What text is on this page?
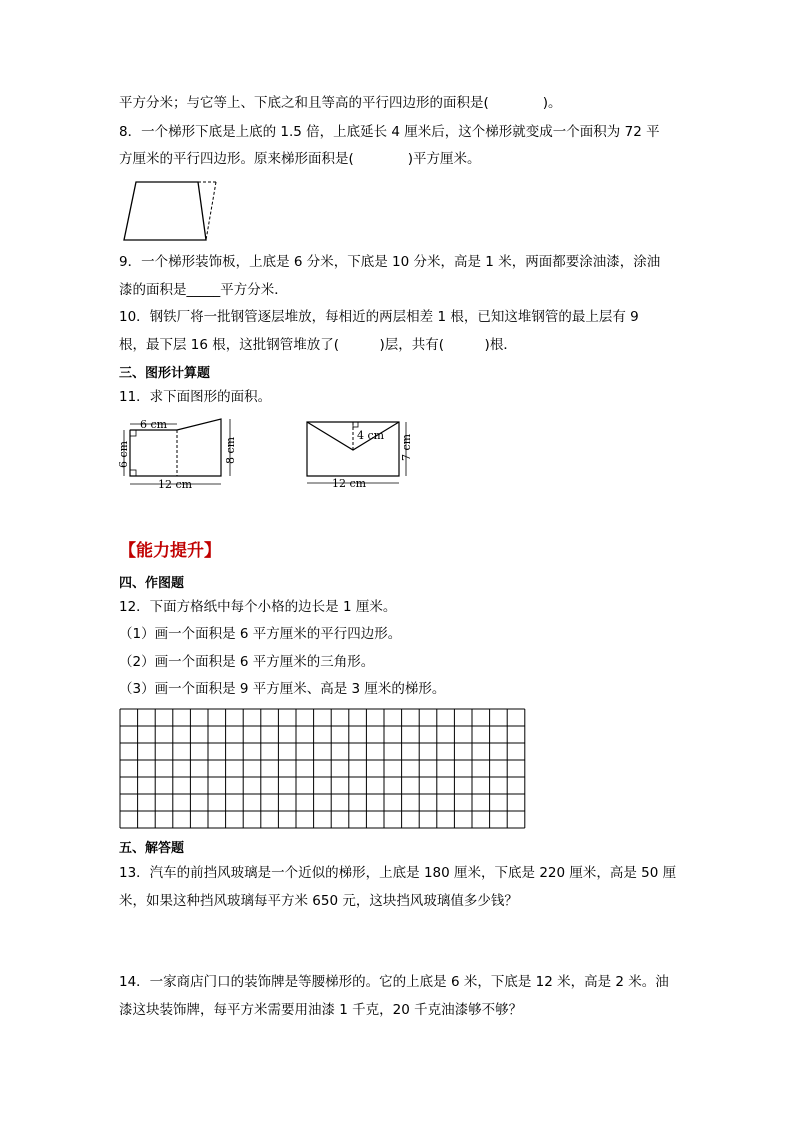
平方分米；与它等上、下底之和且等高的平行四边形的面积是(　　　　)。
8．一个梯形下底是上底的 1.5 倍，上底延长 4 厘米后，这个梯形就变成一个面积为 72 平
方厘米的平行四边形。原来梯形面积是(　　　　)平方厘米。
9．一个梯形装饰板，上底是 6 分米，下底是 10 分米，高是 1 米，两面都要涂油漆，涂油
漆的面积是_____平方分米．
10．钢铁厂将一批钢管逐层堆放，每相近的两层相差 1 根，已知这堆钢管的最上层有 9
根，最下层 16 根，这批钢管堆放了(　　　)层，共有(　　　)根．
三、图形计算题
11．求下面图形的面积。
6 cm
6 cm	8 cm
12 cm
4 cm 7 cm
12 cm
【能力提升】
四、作图题
12．下面方格纸中每个小格的边长是 1 厘米。
（1）画一个面积是 6 平方厘米的平行四边形。
（2）画一个面积是 6 平方厘米的三角形。
（3）画一个面积是 9 平方厘米、高是 3 厘米的梯形。
五、解答题
13．汽车的前挡风玻璃是一个近似的梯形，上底是 180 厘米，下底是 220 厘米，高是 50 厘
米，如果这种挡风玻璃每平方米 650 元，这块挡风玻璃值多少钱？
14．一家商店门口的装饰牌是等腰梯形的。它的上底是 6 米，下底是 12 米，高是 2 米。油
漆这块装饰牌，每平方米需要用油漆 1 千克，20 千克油漆够不够？
